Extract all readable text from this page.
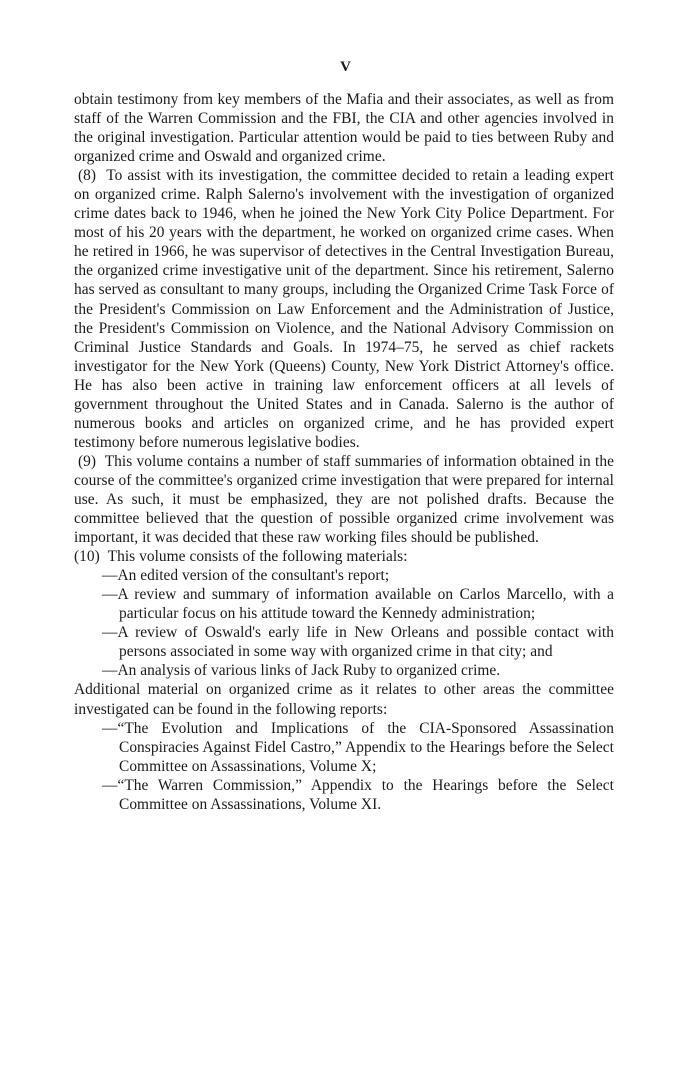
V

obtain testimony from key members of the Mafia and their associates, as well as from staff of the Warren Commission and the FBI, the CIA and other agencies involved in the original investigation. Particular attention would be paid to ties between Ruby and organized crime and Oswald and organized crime.

(8) To assist with its investigation, the committee decided to retain a leading expert on organized crime. Ralph Salerno's involvement with the investigation of organized crime dates back to 1946, when he joined the New York City Police Department. For most of his 20 years with the department, he worked on organized crime cases. When he retired in 1966, he was supervisor of detectives in the Central Investigation Bureau, the organized crime investigative unit of the department. Since his retirement, Salerno has served as consultant to many groups, including the Organized Crime Task Force of the President's Commission on Law Enforcement and the Administration of Justice, the President's Commission on Violence, and the National Advisory Commission on Criminal Justice Standards and Goals. In 1974–75, he served as chief rackets investigator for the New York (Queens) County, New York District Attorney's office. He has also been active in training law enforcement officers at all levels of government throughout the United States and in Canada. Salerno is the author of numerous books and articles on organized crime, and he has provided expert testimony before numerous legislative bodies.

(9) This volume contains a number of staff summaries of information obtained in the course of the committee's organized crime investigation that were prepared for internal use. As such, it must be emphasized, they are not polished drafts. Because the committee believed that the question of possible organized crime involvement was important, it was decided that these raw working files should be published.

(10) This volume consists of the following materials:

—An edited version of the consultant's report;
—A review and summary of information available on Carlos Marcello, with a particular focus on his attitude toward the Kennedy administration;
—A review of Oswald's early life in New Orleans and possible contact with persons associated in some way with organized crime in that city; and
—An analysis of various links of Jack Ruby to organized crime.

Additional material on organized crime as it relates to other areas the committee investigated can be found in the following reports:

—“The Evolution and Implications of the CIA-Sponsored Assassination Conspiracies Against Fidel Castro,” Appendix to the Hearings before the Select Committee on Assassinations, Volume X;
—“The Warren Commission,” Appendix to the Hearings before the Select Committee on Assassinations, Volume XI.
